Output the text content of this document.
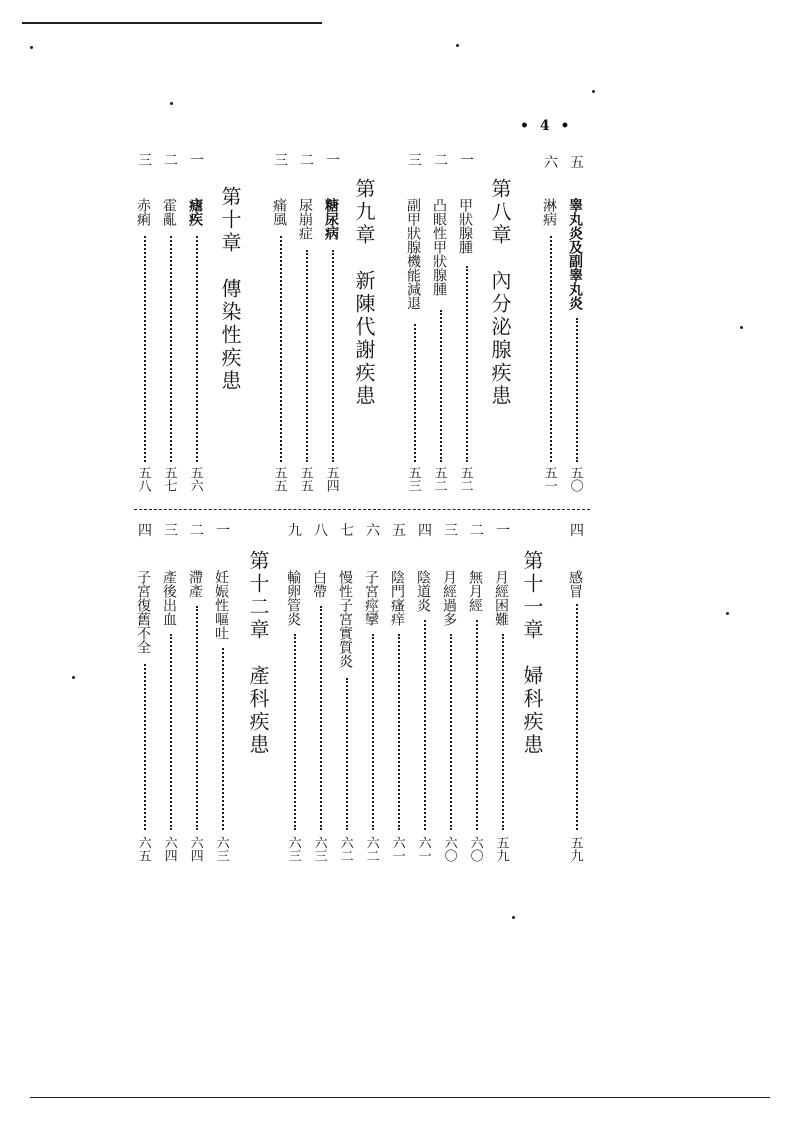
• 4 •
五
睾丸炎及副睾丸炎
五〇
六
淋病
五一
第八章　內分泌腺疾患
一
甲狀腺腫
五二
二
凸眼性甲狀腺腫
五二
三
副甲狀腺機能減退
五三
第九章　新陳代謝疾患
一
糖尿病
五四
二
尿崩症
五五
三
痛風
五五
第十章　傳染性疾患
一
瘧疾
五六
二
霍亂
五七
三
赤痢
五八
四
感冒
五九
第十一章　婦科疾患
一
月經困難
五九
二
無月經
六〇
三
月經過多
六〇
四
陰道炎
六一
五
陰門瘙痒
六一
六
子宮痙攣
六二
七
慢性子宮實質炎
六二
八
白帶
六三
九
輸卵管炎
六三
第十二章　產科疾患
一
妊娠性嘔吐
六三
二
滯產
六四
三
產後出血
六四
四
子宮復舊不全
六五
